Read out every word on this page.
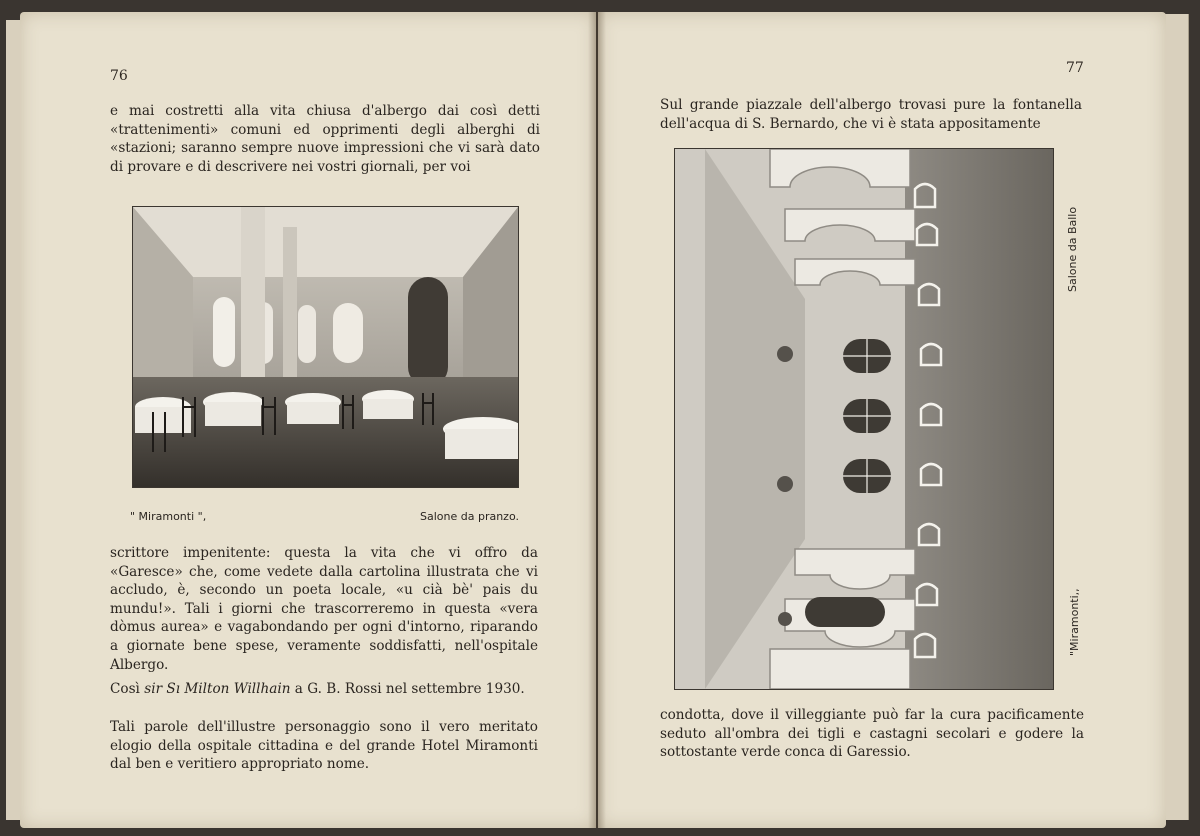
76

e mai costretti alla vita chiusa d'albergo dai così detti «trattenimenti» comuni ed opprimenti degli alberghi di «stazioni; saranno sempre nuove impressioni che vi sarà dato di provare e di descrivere nei vostri giornali, per voi

" Miramonti ",	Salone da pranzo.

scrittore impenitente: questa la vita che vi offro da «Garesce» che, come vedete dalla cartolina illustrata che vi accludo, è, secondo un poeta locale, «u cià bè' pais du mundu!». Tali i giorni che trascorreremo in questa «vera dòmus aurea» e vagabondando per ogni d'intorno, riparando a giornate bene spese, veramente soddisfatti, nell'ospitale Albergo.

Così sir Sı Milton Willhain a G. B. Rossi nel settembre 1930.

Tali parole dell'illustre personaggio sono il vero meritato elogio della ospitale cittadina e del grande Hotel Miramonti dal ben e veritiero appropriato nome.

77

Sul grande piazzale dell'albergo trovasi pure la fontanella dell'acqua di S. Bernardo, che vi è stata appositamente

Salone da Ballo
"Miramonti,,

condotta, dove il villeggiante può far la cura pacificamente seduto all'ombra dei tigli e castagni secolari e godere la sottostante verde conca di Garessio.
